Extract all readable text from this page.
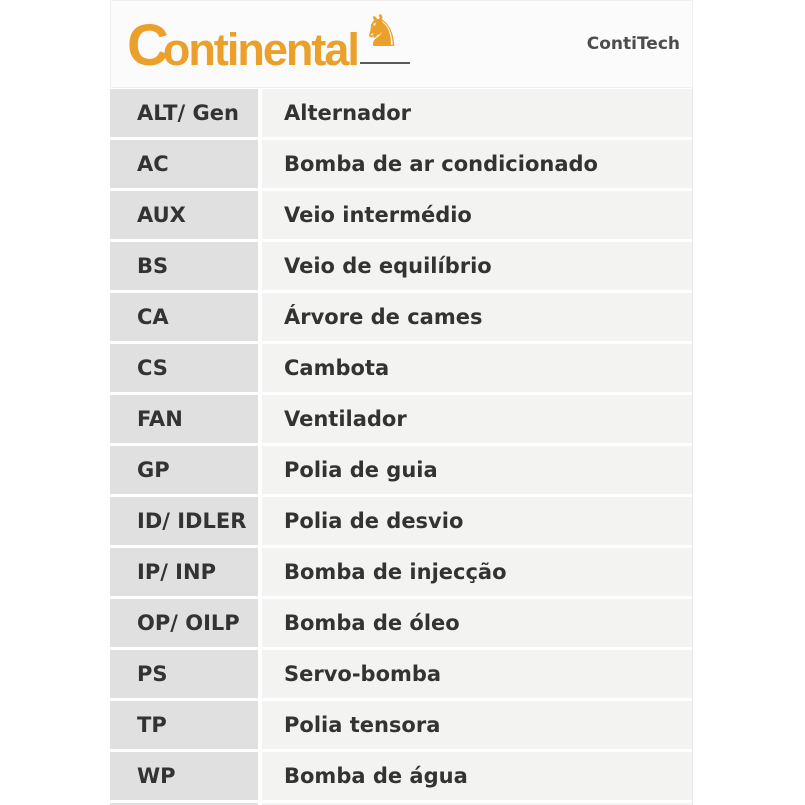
C
ontinental ♞	ContiTech
ALT/ Gen	Alternador
AC	Bomba de ar condicionado
AUX	Veio intermédio
BS	Veio de equilíbrio
CA	Árvore de cames
CS	Cambota
FAN	Ventilador
GP	Polia de guia
ID/ IDLER	Polia de desvio
IP/ INP	Bomba de injecção
OP/ OILP	Bomba de óleo
PS	Servo-bomba
TP	Polia tensora
WP	Bomba de água
